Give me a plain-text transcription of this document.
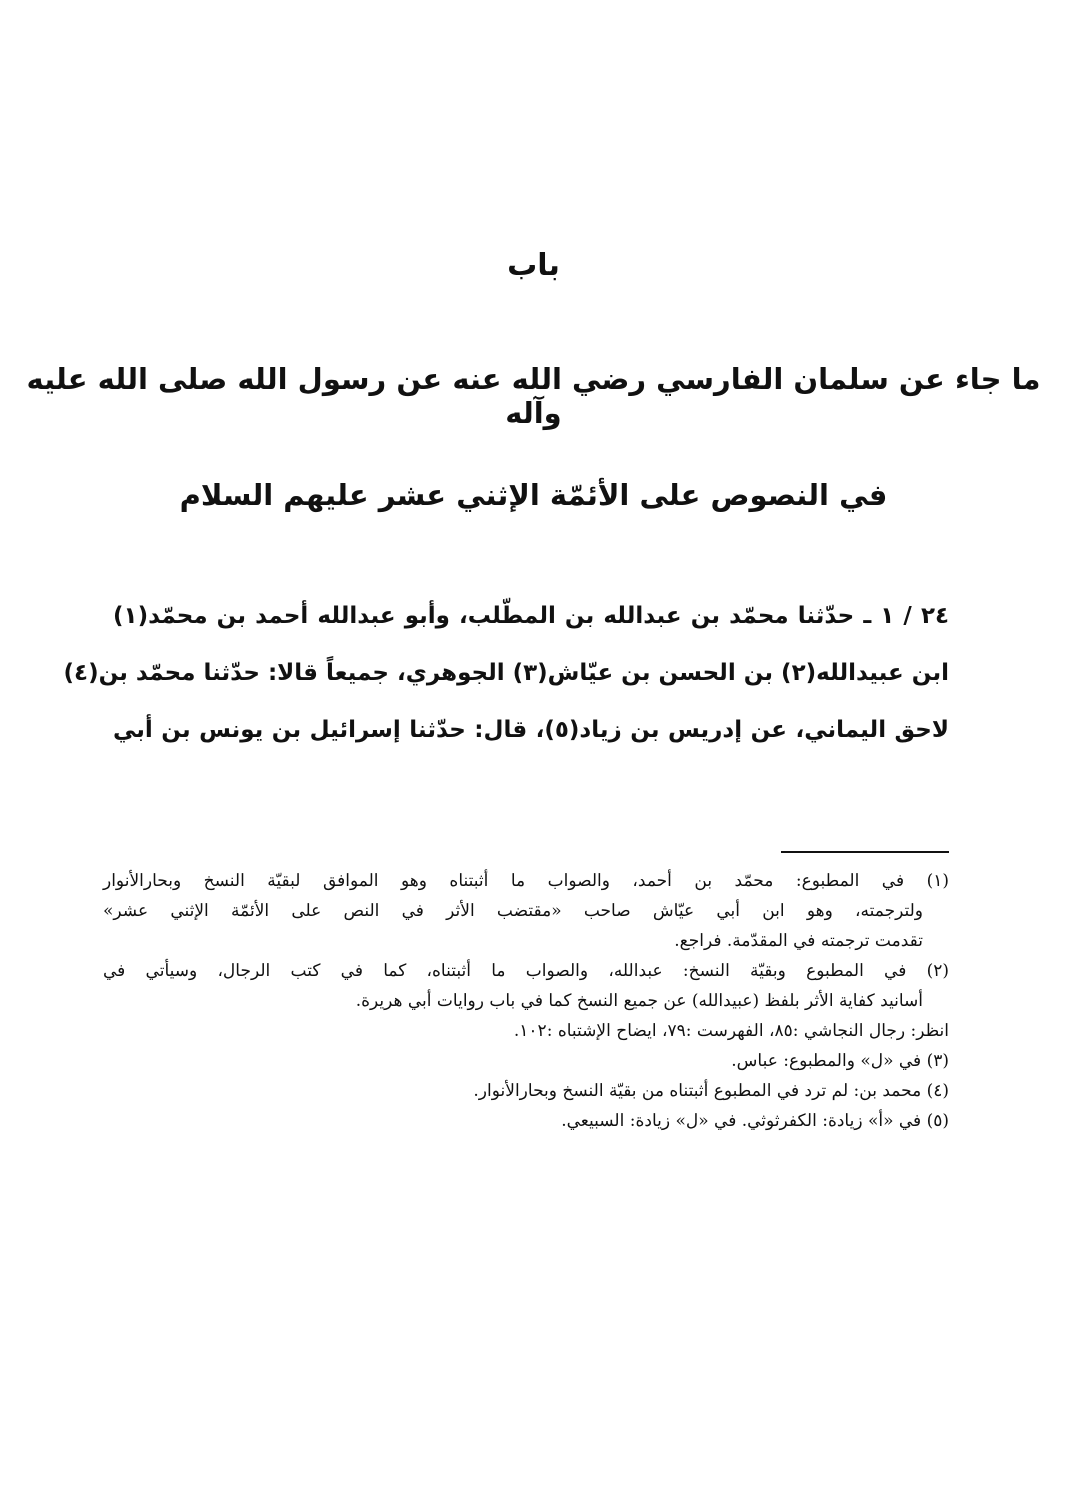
باب
ما جاء عن سلمان الفارسي رضي الله عنه عن رسول الله صلى الله عليه وآله
في النصوص على الأئمّة الإثني عشر عليهم السلام
٢٤ / ١ ـ حدّثنا محمّد بن عبدالله بن المطّلب، وأبو عبدالله أحمد بن محمّد(١)
ابن عبيدالله(٢) بن الحسن بن عيّاش(٣) الجوهري، جميعاً قالا: حدّثنا محمّد بن(٤)
لاحق اليماني، عن إدريس بن زياد(٥)، قال: حدّثنا إسرائيل بن يونس بن أبي
(١) في المطبوع: محمّد بن أحمد، والصواب ما أثبتناه وهو الموافق لبقيّة النسخ وبحارالأنوار
ولترجمته، وهو ابن أبي عيّاش صاحب «مقتضب الأثر في النص على الأئمّة الإثني عشر»
تقدمت ترجمته في المقدّمة. فراجع.
(٢) في المطبوع وبقيّة النسخ: عبدالله، والصواب ما أثبتناه، كما في كتب الرجال، وسيأتي في
أسانيد كفاية الأثر بلفظ (عبيدالله) عن جميع النسخ كما في باب روايات أبي هريرة.
انظر: رجال النجاشي :٨٥، الفهرست :٧٩، ايضاح الإشتباه :١٠٢.
(٣) في «ل» والمطبوع: عباس.
(٤) محمد بن: لم ترد في المطبوع أثبتناه من بقيّة النسخ وبحارالأنوار.
(٥) في «أ» زيادة: الكفرثوثي. في «ل» زيادة: السبيعي.
